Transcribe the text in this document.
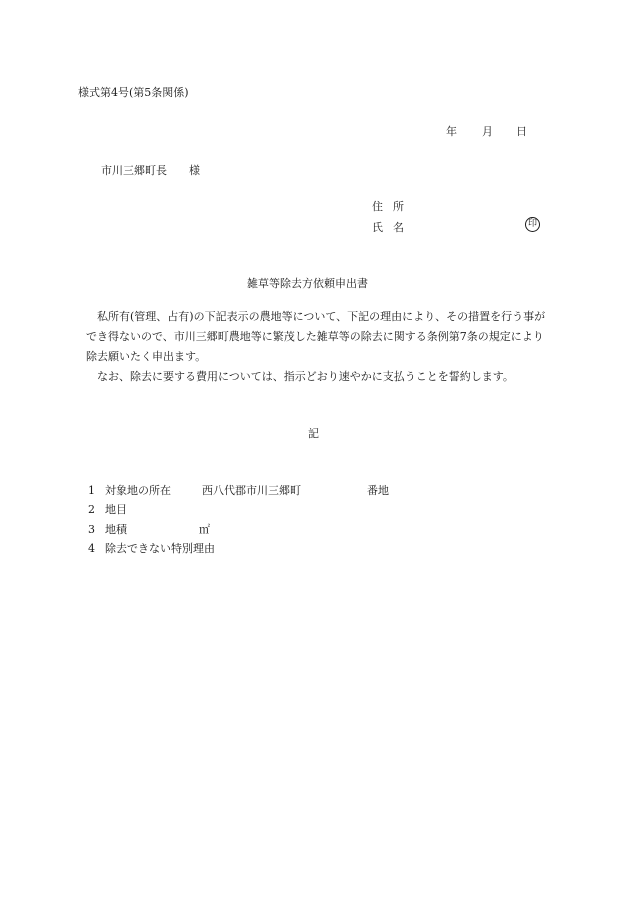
様式第4号(第5条関係)
年 月 日
市川三郷町長 様
住所
氏名	印
雑草等除去方依頼申出書

私所有(管理、占有)の下記表示の農地等について、下記の理由により、その措置を行う事ができ得ないので、市川三郷町農地等に繁茂した雑草等の除去に関する条例第7条の規定により除去願いたく申出ます。

なお、除去に要する費用については、指示どおり速やかに支払うことを誓約します。

記
1 対象地の所在	西八代郡市川三郷町	番地
2 地目
3 地積	㎡
4 除去できない特別理由
